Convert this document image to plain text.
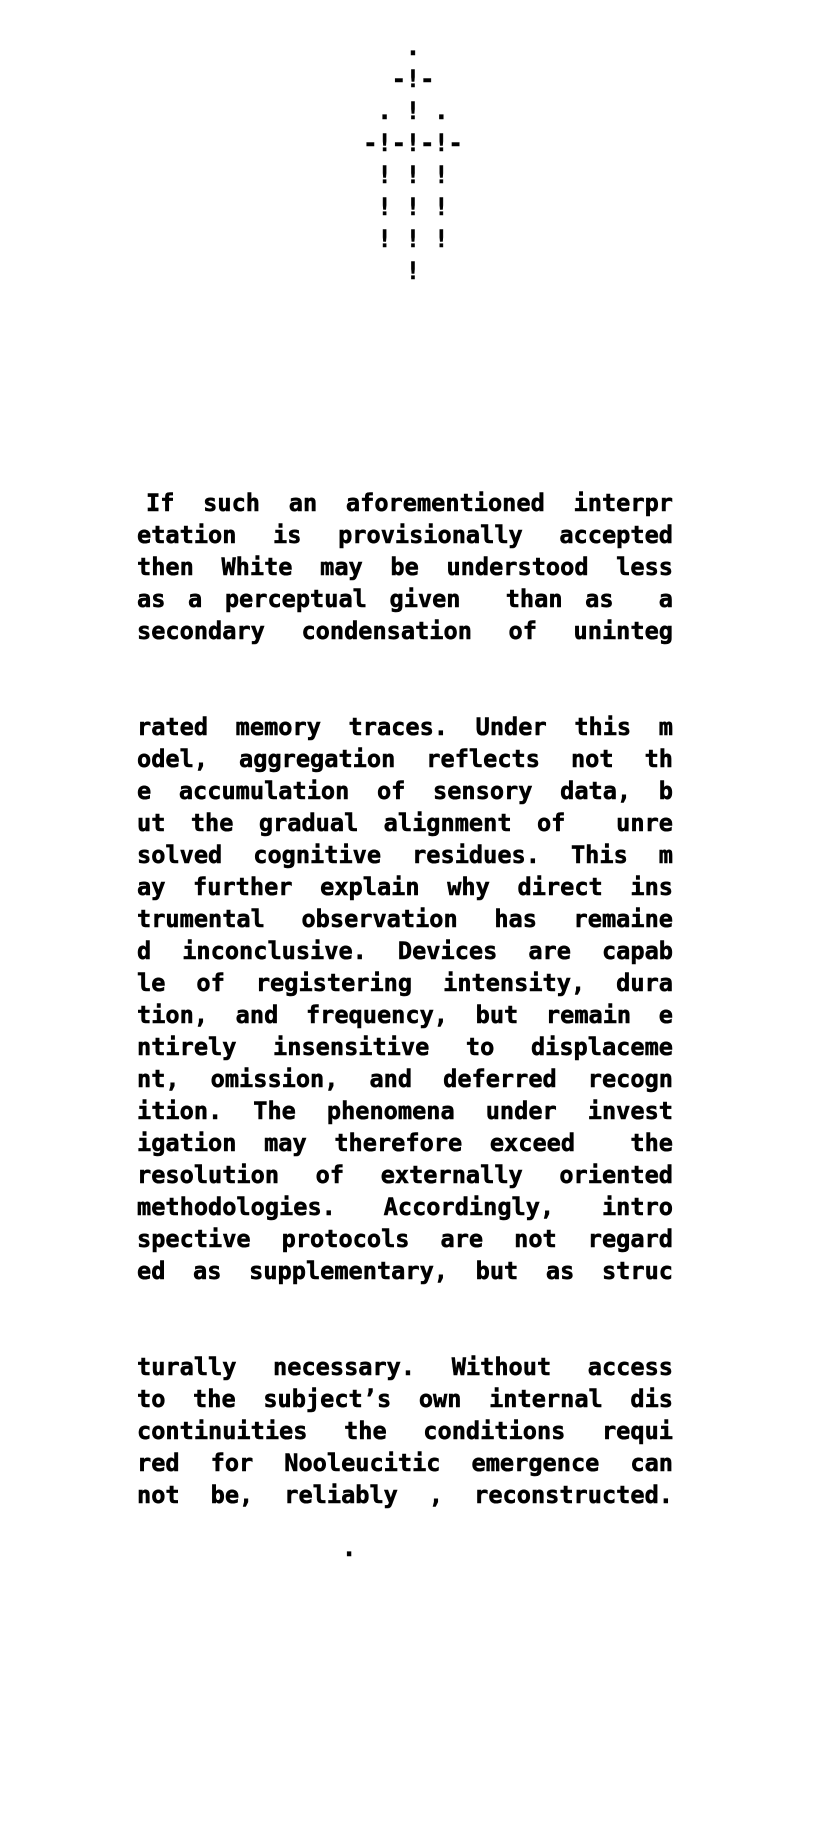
.
-!-
. ! .
-!-!-!-
! ! !
! ! !
! ! !
!
If such an aforementioned interpr
etation is provisionally accepted
then White may be understood less
as a perceptual given  than as  a
secondary condensation of uninteg
rated memory traces. Under this m
odel, aggregation reflects not th
e accumulation of sensory data, b
ut the gradual alignment of  unre
solved cognitive residues. This m
ay further explain why direct ins
trumental observation has remaine
d inconclusive. Devices are capab
le of registering intensity, dura
tion, and frequency, but remain e
ntirely insensitive to displaceme
nt, omission, and deferred recogn
ition. The phenomena under invest
igation may therefore exceed  the
resolution of externally oriented
methodologies. Accordingly, intro
spective protocols are not regard
ed as supplementary, but as struc
turally necessary. Without access
to the subject’s own internal dis
continuities the conditions requi
red for Nooleucitic emergence can
not be, reliably , reconstructed.
.
